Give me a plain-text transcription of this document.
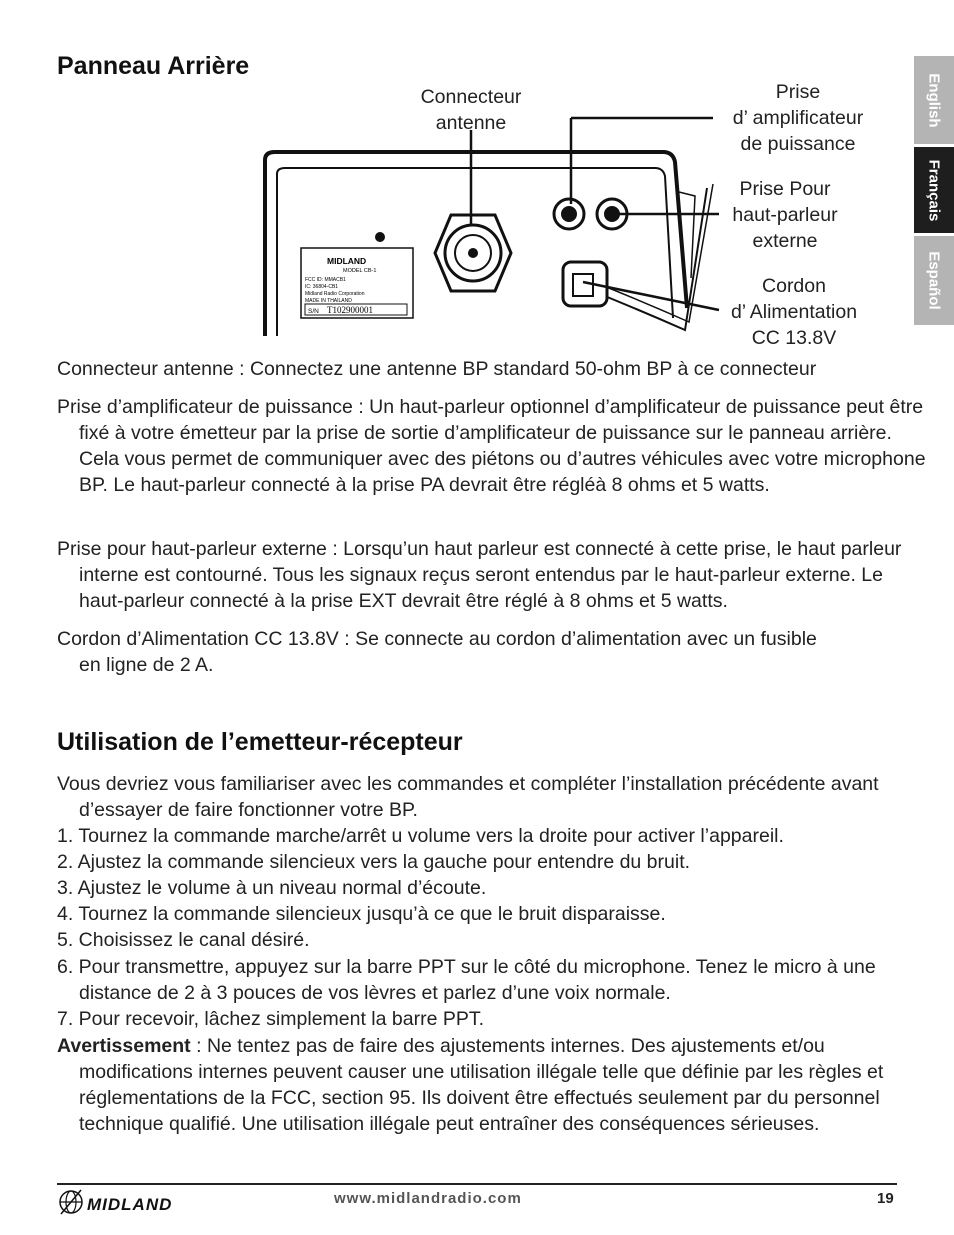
English
Français
Español
Panneau Arrière
Connecteur
antenne
Prise
d’ amplificateur
de puissance
Prise Pour
haut-parleur
externe
Cordon
d’ Alimentation
CC 13.8V
MIDLAND
MODEL CB-1
FCC ID: MMACB1
IC: 36804-CB1
Midland Radio Corporation
MADE IN THAILAND
S/N T102900001
Connecteur antenne : Connectez une antenne BP standard 50-ohm BP à ce connecteur
Prise d’amplificateur de puissance : Un haut-parleur optionnel d’amplificateur de puissance peut être fixé à votre émetteur par la prise de sortie d’amplificateur de puissance sur le panneau arrière. Cela vous permet de communiquer avec des piétons ou d’autres véhicules avec votre microphone BP. Le haut-parleur connecté à la prise PA devrait être régléà 8 ohms et 5 watts.
Prise pour haut-parleur externe : Lorsqu’un haut parleur est connecté à cette prise, le haut parleur interne est contourné. Tous les signaux reçus seront entendus par le haut-parleur externe. Le haut-parleur connecté à la prise EXT devrait être réglé à 8 ohms et 5 watts.
Cordon d’Alimentation CC 13.8V : Se connecte au cordon d’alimentation avec un fusible en ligne de 2 A.
Utilisation de l’emetteur-récepteur
Vous devriez vous familiariser avec les commandes et compléter l’installation précédente avant d’essayer de faire fonctionner votre BP.
1. Tournez la commande marche/arrêt u volume vers la droite pour activer l’appareil.
2. Ajustez la commande silencieux vers la gauche pour entendre du bruit.
3. Ajustez le volume à un niveau normal d’écoute.
4. Tournez la commande silencieux jusqu’à ce que le bruit disparaisse.
5. Choisissez le canal désiré.
6. Pour transmettre, appuyez sur la barre PPT sur le côté du microphone. Tenez le micro à une distance de 2 à 3 pouces de vos lèvres et parlez d’une voix normale.
7. Pour recevoir, lâchez simplement la barre PPT.
Avertissement : Ne tentez pas de faire des ajustements internes. Des ajustements et/ou modifications internes peuvent causer une utilisation illégale telle que définie par les règles et réglementations de la FCC, section 95. Ils doivent être effectués seulement par du personnel technique qualifié. Une utilisation illégale peut entraîner des conséquences sérieuses.
MIDLAND	www.midlandradio.com	19
